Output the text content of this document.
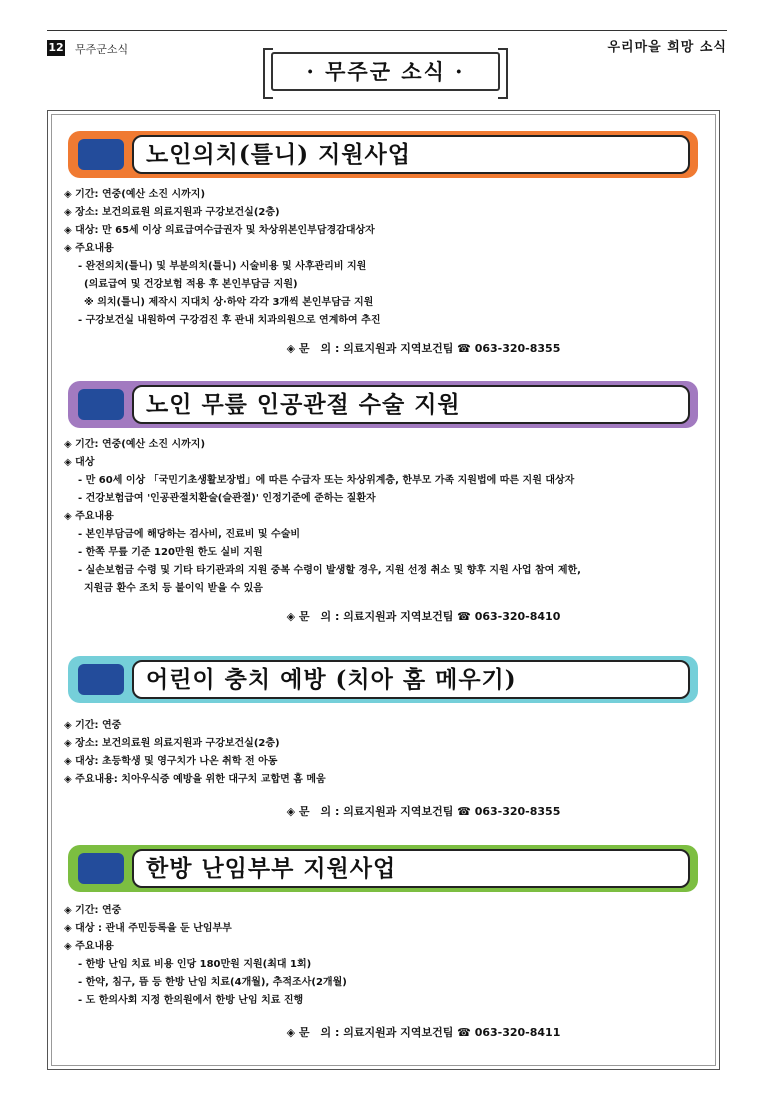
12 무주군소식	우리마을 희망 소식
· 무주군 소식 ·
노인의치(틀니) 지원사업
◈ 기간: 연중(예산 소진 시까지)
◈ 장소: 보건의료원 의료지원과 구강보건실(2층)
◈ 대상: 만 65세 이상 의료급여수급권자 및 차상위본인부담경감대상자
◈ 주요내용
- 완전의치(틀니) 및 부분의치(틀니) 시술비용 및 사후관리비 지원
(의료급여 및 건강보험 적용 후 본인부담금 지원)
※ 의치(틀니) 제작시 지대치 상·하악 각각 3개씩 본인부담금 지원
- 구강보건실 내원하여 구강검진 후 관내 치과의원으로 연계하여 추진
◈ 문　의 : 의료지원과 지역보건팀 ☎ 063-320-8355
노인 무릎 인공관절 수술 지원
◈ 기간: 연중(예산 소진 시까지)
◈ 대상
- 만 60세 이상 「국민기초생활보장법」에 따른 수급자 또는 차상위계층, 한부모 가족 지원법에 따른 지원 대상자
- 건강보험급여 '인공관절치환술(슬관절)' 인정기준에 준하는 질환자
◈ 주요내용
- 본인부담금에 해당하는 검사비, 진료비 및 수술비
- 한쪽 무릎 기준 120만원 한도 실비 지원
- 실손보험금 수령 및 기타 타기관과의 지원 중복 수령이 발생할 경우, 지원 선정 취소 및 향후 지원 사업 참여 제한,
지원금 환수 조치 등 불이익 받을 수 있음
◈ 문　의 : 의료지원과 지역보건팀 ☎ 063-320-8410
어린이 충치 예방 (치아 홈 메우기)
◈ 기간: 연중
◈ 장소: 보건의료원 의료지원과 구강보건실(2층)
◈ 대상: 초등학생 및 영구치가 나온 취학 전 아동
◈ 주요내용: 치아우식증 예방을 위한 대구치 교합면 홈 메움
◈ 문　의 : 의료지원과 지역보건팀 ☎ 063-320-8355
한방 난임부부 지원사업
◈ 기간: 연중
◈ 대상 : 관내 주민등록을 둔 난임부부
◈ 주요내용
- 한방 난임 치료 비용 인당 180만원 지원(최대 1회)
- 한약, 침구, 뜸 등 한방 난임 치료(4개월), 추적조사(2개월)
- 도 한의사회 지정 한의원에서 한방 난임 치료 진행
◈ 문　의 : 의료지원과 지역보건팀 ☎ 063-320-8411
